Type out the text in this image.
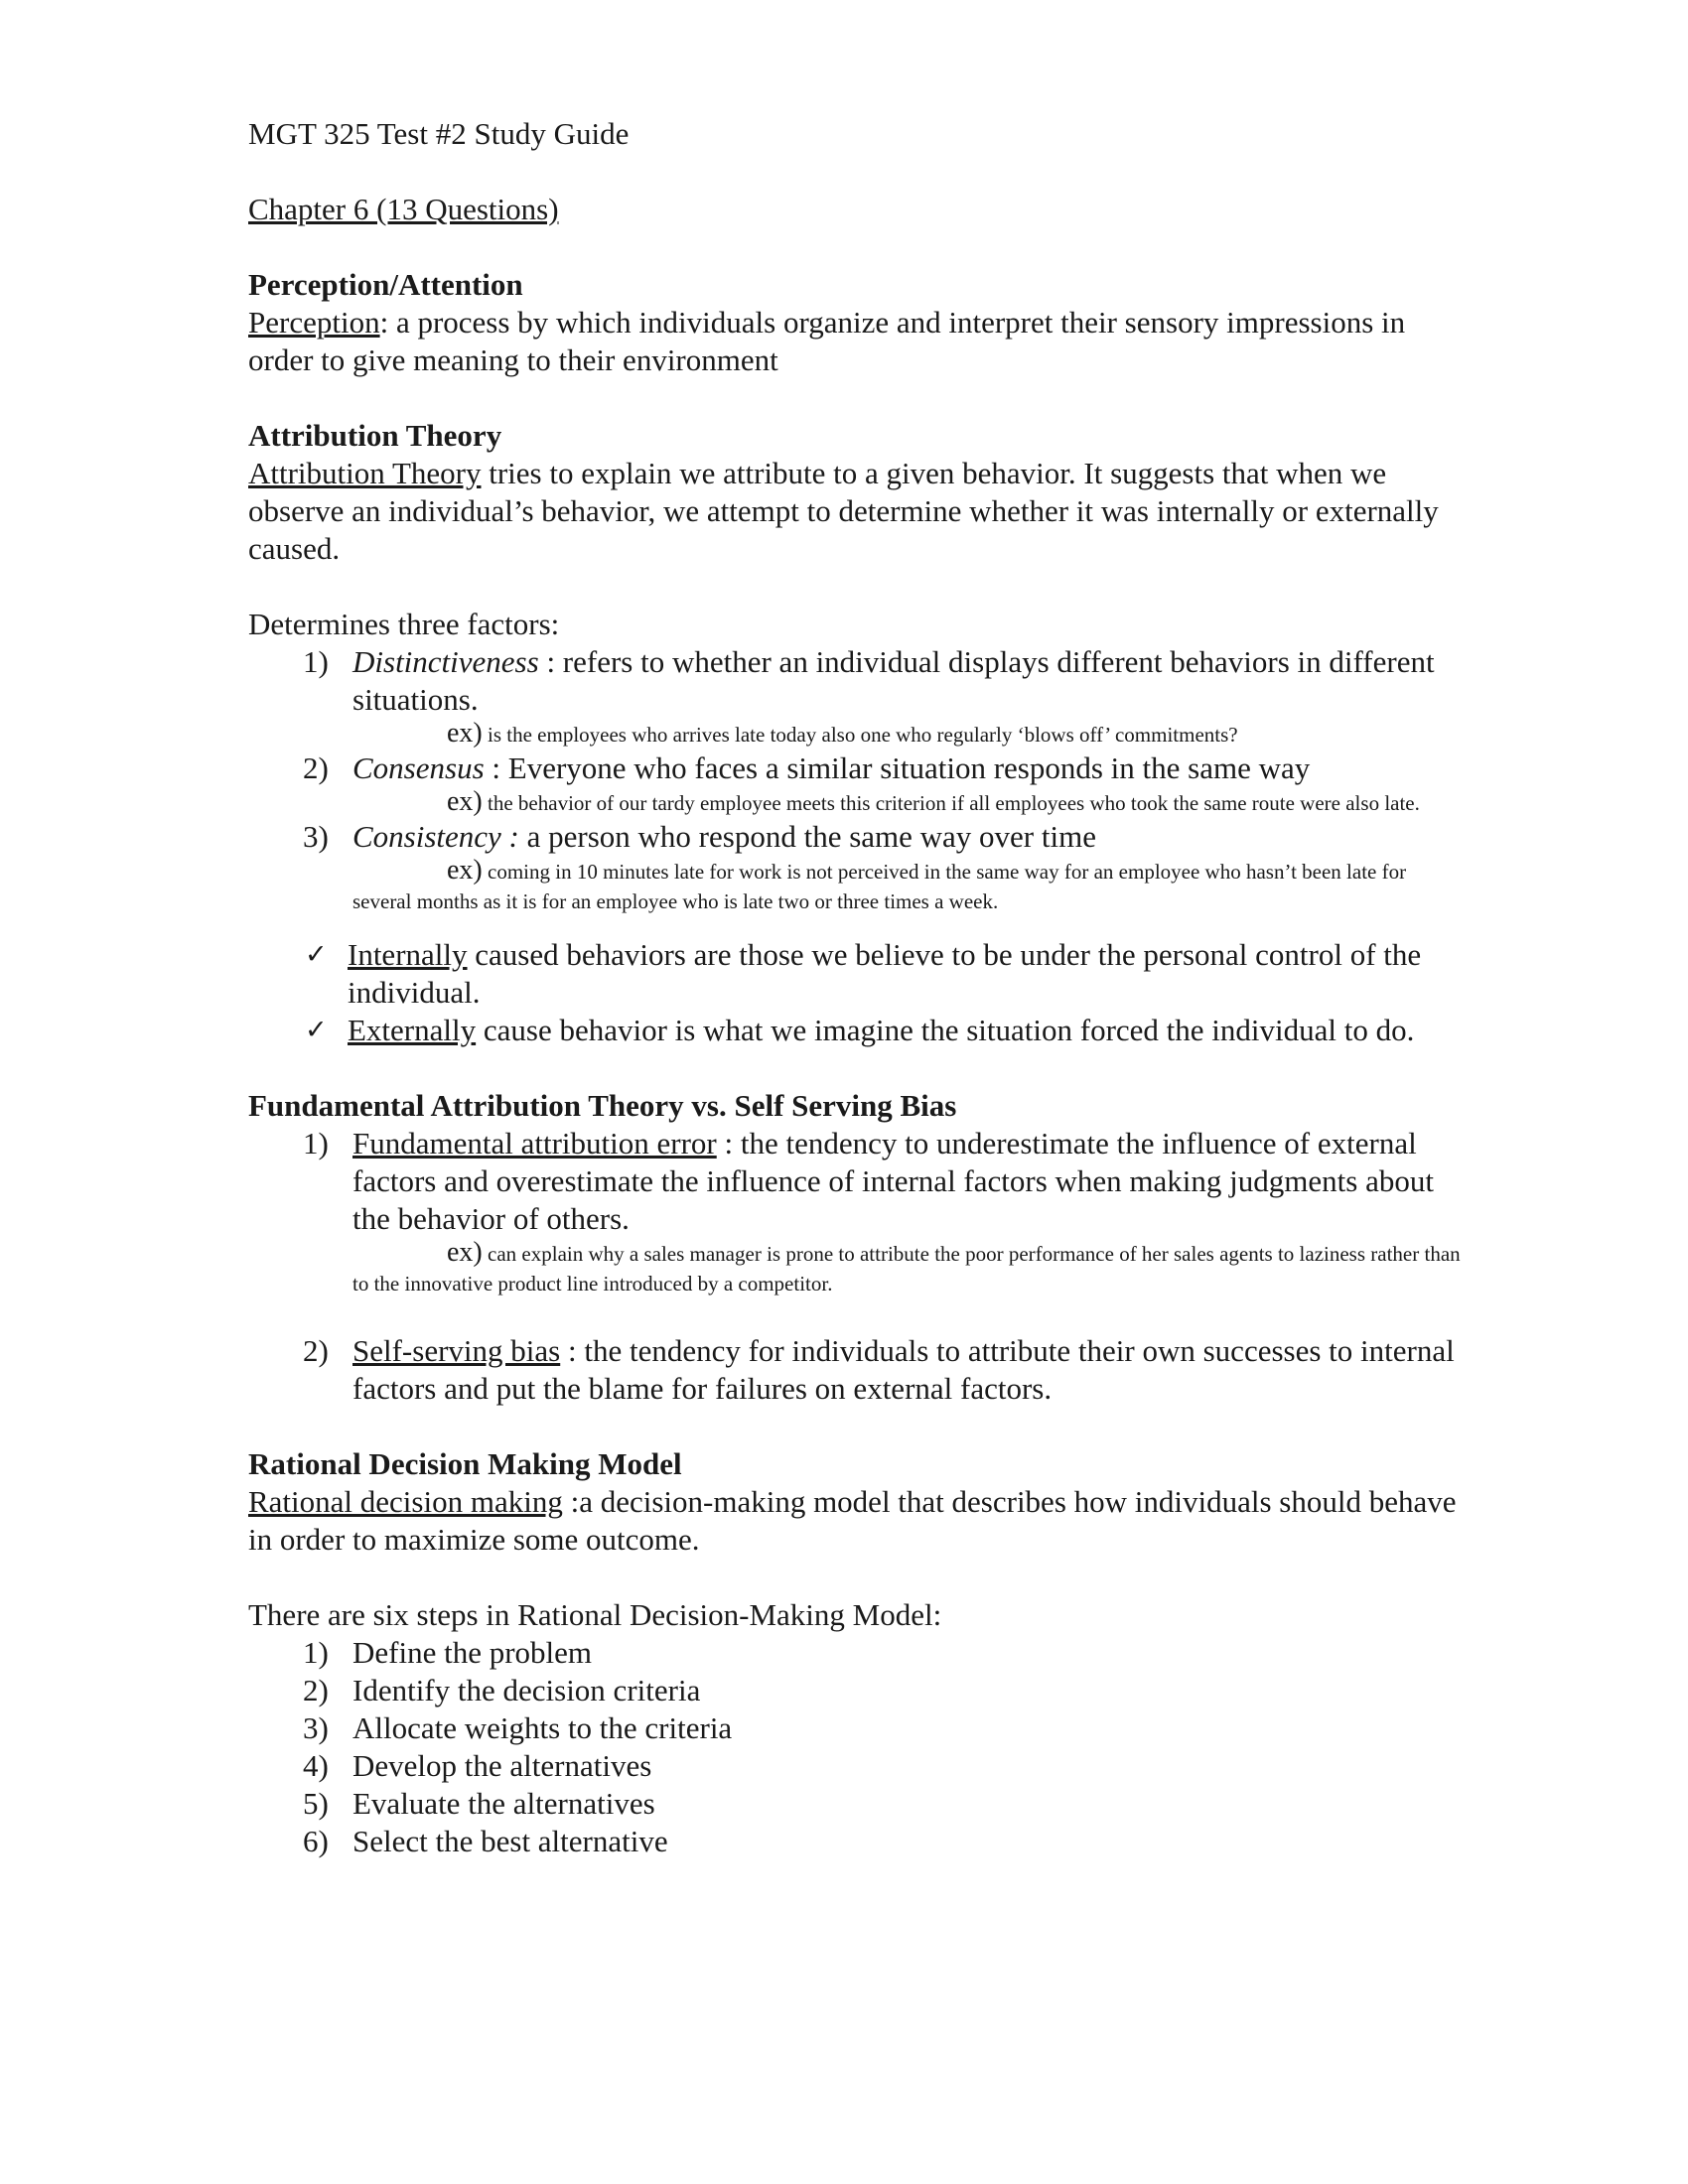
MGT 325 Test #2 Study Guide

Chapter 6 (13 Questions)

Perception/Attention

Perception: a process by which individuals organize and interpret their sensory impressions in order to give meaning to their environment

Attribution Theory

Attribution Theory tries to explain we attribute to a given behavior. It suggests that when we observe an individual’s behavior, we attempt to determine whether it was internally or externally caused.

Determines three factors:

1) Distinctiveness : refers to whether an individual displays different behaviors in different situations.
ex) is the employees who arrives late today also one who regularly ‘blows off’ commitments?
2) Consensus : Everyone who faces a similar situation responds in the same way
ex) the behavior of our tardy employee meets this criterion if all employees who took the same route were also late.
3) Consistency : a person who respond the same way over time
ex) coming in 10 minutes late for work is not perceived in the same way for an employee who hasn’t been late for several months as it is for an employee who is late two or three times a week.
✓ Internally caused behaviors are those we believe to be under the personal control of the individual.
✓ Externally cause behavior is what we imagine the situation forced the individual to do.
Fundamental Attribution Theory vs. Self Serving Bias
1) Fundamental attribution error : the tendency to underestimate the influence of external factors and overestimate the influence of internal factors when making judgments about the behavior of others.
ex) can explain why a sales manager is prone to attribute the poor performance of her sales agents to laziness rather than to the innovative product line introduced by a competitor.
2) Self-serving bias : the tendency for individuals to attribute their own successes to internal factors and put the blame for failures on external factors.
Rational Decision Making Model

Rational decision making :a decision-making model that describes how individuals should behave in order to maximize some outcome.

There are six steps in Rational Decision-Making Model:

1) Define the problem
2) Identify the decision criteria
3) Allocate weights to the criteria
4) Develop the alternatives
5) Evaluate the alternatives
6) Select the best alternative
